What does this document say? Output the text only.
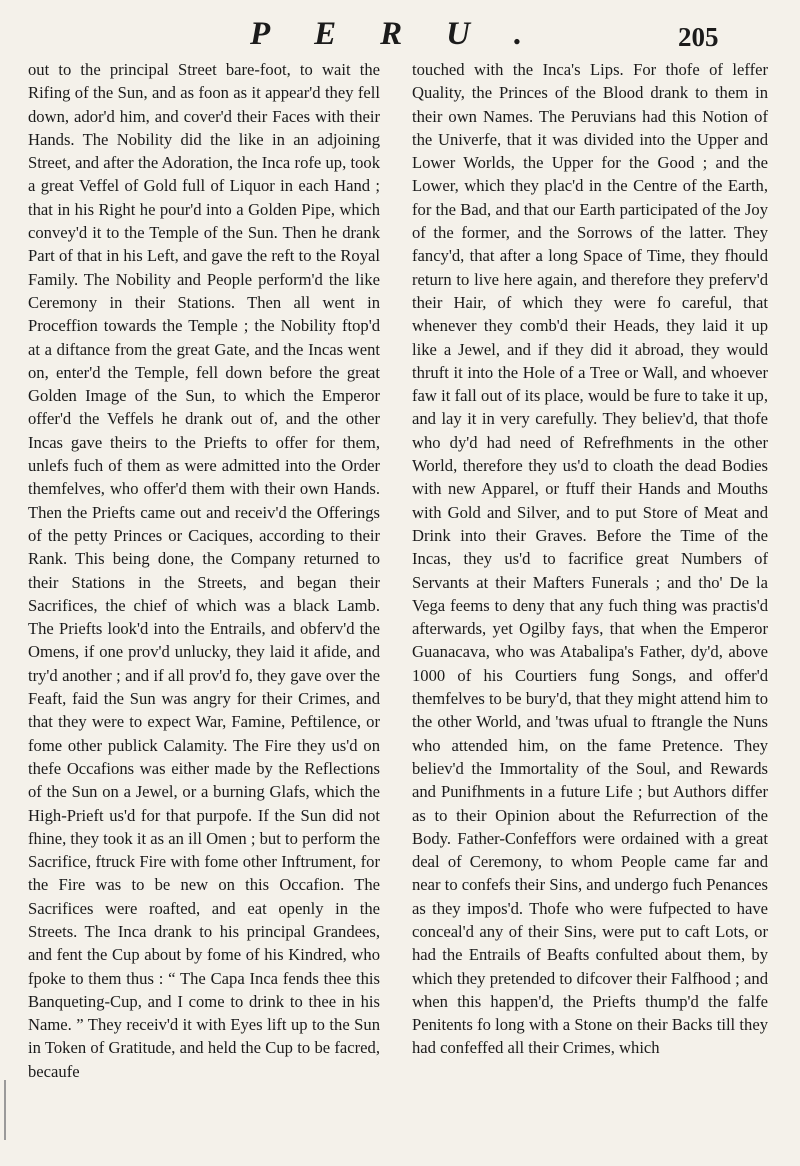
PERU.	205

out to the principal Street bare-foot, to wait the Rifing of the Sun, and as foon as it appear'd they fell down, ador'd him, and cover'd their Faces with their Hands. The Nobility did the like in an adjoining Street, and after the Adoration, the Inca rofe up, took a great Veffel of Gold full of Liquor in each Hand ; that in his Right he pour'd into a Golden Pipe, which convey'd it to the Temple of the Sun. Then he drank Part of that in his Left, and gave the reft to the Royal Family. The Nobility and People perform'd the like Ceremony in their Stations. Then all went in Proceffion towards the Temple ; the Nobility ftop'd at a diftance from the great Gate, and the Incas went on, enter'd the Temple, fell down before the great Golden Image of the Sun, to which the Emperor offer'd the Veffels he drank out of, and the other Incas gave theirs to the Priefts to offer for them, unlefs fuch of them as were admitted into the Order themfelves, who offer'd them with their own Hands. Then the Priefts came out and receiv'd the Offerings of the petty Princes or Caciques, according to their Rank. This being done, the Company returned to their Stations in the Streets, and began their Sacrifices, the chief of which was a black Lamb. The Priefts look'd into the Entrails, and obferv'd the Omens, if one prov'd unlucky, they laid it afide, and try'd another ; and if all prov'd fo, they gave over the Feaft, faid the Sun was angry for their Crimes, and that they were to expect War, Famine, Peftilence, or fome other publick Calamity. The Fire they us'd on thefe Occafions was either made by the Reflections of the Sun on a Jewel, or a burning Glafs, which the High-Prieft us'd for that purpofe. If the Sun did not fhine, they took it as an ill Omen ; but to perform the Sacrifice, ftruck Fire with fome other Inftrument, for the Fire was to be new on this Occafion. The Sacrifices were roafted, and eat openly in the Streets. The Inca drank to his principal Grandees, and fent the Cup about by fome of his Kindred, who fpoke to them thus : “ The Capa Inca fends thee this Banqueting-Cup, and I come to drink to thee in his Name. ” They receiv'd it with Eyes lift up to the Sun in Token of Gratitude, and held the Cup to be facred, becaufe

touched with the Inca's Lips. For thofe of leffer Quality, the Princes of the Blood drank to them in their own Names. The Peruvians had this Notion of the Univerfe, that it was divided into the Upper and Lower Worlds, the Upper for the Good ; and the Lower, which they plac'd in the Centre of the Earth, for the Bad, and that our Earth participated of the Joy of the former, and the Sorrows of the latter. They fancy'd, that after a long Space of Time, they fhould return to live here again, and therefore they preferv'd their Hair, of which they were fo careful, that whenever they comb'd their Heads, they laid it up like a Jewel, and if they did it abroad, they would thruft it into the Hole of a Tree or Wall, and whoever faw it fall out of its place, would be fure to take it up, and lay it in very carefully. They believ'd, that thofe who dy'd had need of Refrefhments in the other World, therefore they us'd to cloath the dead Bodies with new Apparel, or ftuff their Hands and Mouths with Gold and Silver, and to put Store of Meat and Drink into their Graves. Before the Time of the Incas, they us'd to facrifice great Numbers of Servants at their Mafters Funerals ; and tho' De la Vega feems to deny that any fuch thing was practis'd afterwards, yet Ogilby fays, that when the Emperor Guanacava, who was Atabalipa's Father, dy'd, above 1000 of his Courtiers fung Songs, and offer'd themfelves to be bury'd, that they might attend him to the other World, and 'twas ufual to ftrangle the Nuns who attended him, on the fame Pretence. They believ'd the Immortality of the Soul, and Rewards and Punifhments in a future Life ; but Authors differ as to their Opinion about the Refurrection of the Body. Father-Confeffors were ordained with a great deal of Ceremony, to whom People came far and near to confefs their Sins, and undergo fuch Penances as they impos'd. Thofe who were fufpected to have conceal'd any of their Sins, were put to caft Lots, or had the Entrails of Beafts confulted about them, by which they pretended to difcover their Falfhood ; and when this happen'd, the Priefts thump'd the falfe Penitents fo long with a Stone on their Backs till they had confeffed all their Crimes, which
